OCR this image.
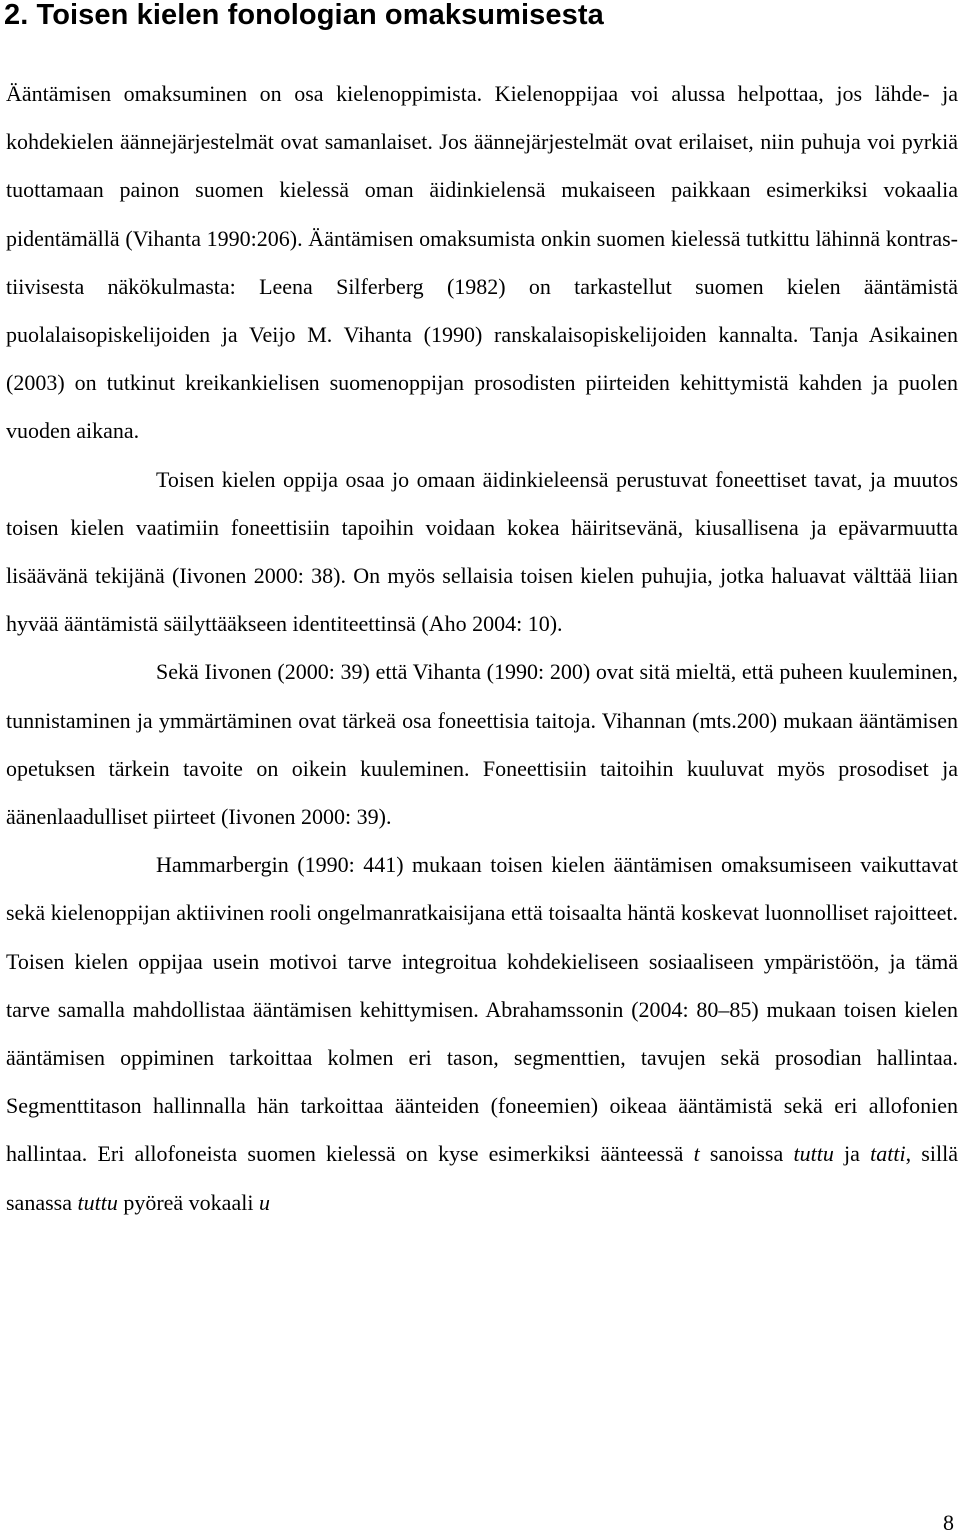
2. Toisen kielen fonologian omaksumisesta

Ääntämisen omaksuminen on osa kielenoppimista. Kielenoppijaa voi alussa helpottaa, jos lähde- ja kohdekielen äännejärjestelmät ovat samanlaiset. Jos äännejärjestelmät ovat erilaiset, niin puhuja voi pyrkiä tuottamaan painon suomen kielessä oman äidinkielensä mukaiseen paikkaan esimerkiksi vokaalia pidentämällä (Vihanta 1990:206). Ääntämisen omaksumista onkin suomen kielessä tutkittu lähinnä kontrastiivisesta näkökulmasta: Leena Silferberg (1982) on tarkastellut suomen kielen ääntämistä puolalaisopiskelijoiden ja Veijo M. Vihanta (1990) ranskalaisopiskelijoiden kannalta. Tanja Asikainen (2003) on tutkinut kreikankielisen suomenoppijan prosodisten piirteiden kehittymistä kahden ja puolen vuoden aikana.

Toisen kielen oppija osaa jo omaan äidinkieleensä perustuvat foneettiset tavat, ja muutos toisen kielen vaatimiin foneettisiin tapoihin voidaan kokea häiritsevänä, kiusallisena ja epävarmuutta lisäävänä tekijänä (Iivonen 2000: 38). On myös sellaisia toisen kielen puhujia, jotka haluavat välttää liian hyvää ääntämistä säilyttääkseen identiteettinsä (Aho 2004: 10).

Sekä Iivonen (2000: 39) että Vihanta (1990: 200) ovat sitä mieltä, että puheen kuuleminen, tunnistaminen ja ymmärtäminen ovat tärkeä osa foneettisia taitoja. Vihannan (mts.200) mukaan ääntämisen opetuksen tärkein tavoite on oikein kuuleminen. Foneettisiin taitoihin kuuluvat myös prosodiset ja äänenlaadulliset piirteet (Iivonen 2000: 39).

Hammarbergin (1990: 441) mukaan toisen kielen ääntämisen omaksumiseen vaikuttavat sekä kielenoppijan aktiivinen rooli ongelmanratkaisijana että toisaalta häntä koskevat luonnolliset rajoitteet. Toisen kielen oppijaa usein motivoi tarve integroitua kohdekieliseen sosiaaliseen ympäristöön, ja tämä tarve samalla mahdollistaa ääntämisen kehittymisen. Abrahamssonin (2004: 80–85) mukaan toisen kielen ääntämisen oppiminen tarkoittaa kolmen eri tason, segmenttien, tavujen sekä prosodian hallintaa. Segmenttitason hallinnalla hän tarkoittaa äänteiden (foneemien) oikeaa ääntämistä sekä eri allofonien hallintaa. Eri allofoneista suomen kielessä on kyse esimerkiksi äänteessä t sanoissa tuttu ja tatti, sillä sanassa tuttu pyöreä vokaali u

8
